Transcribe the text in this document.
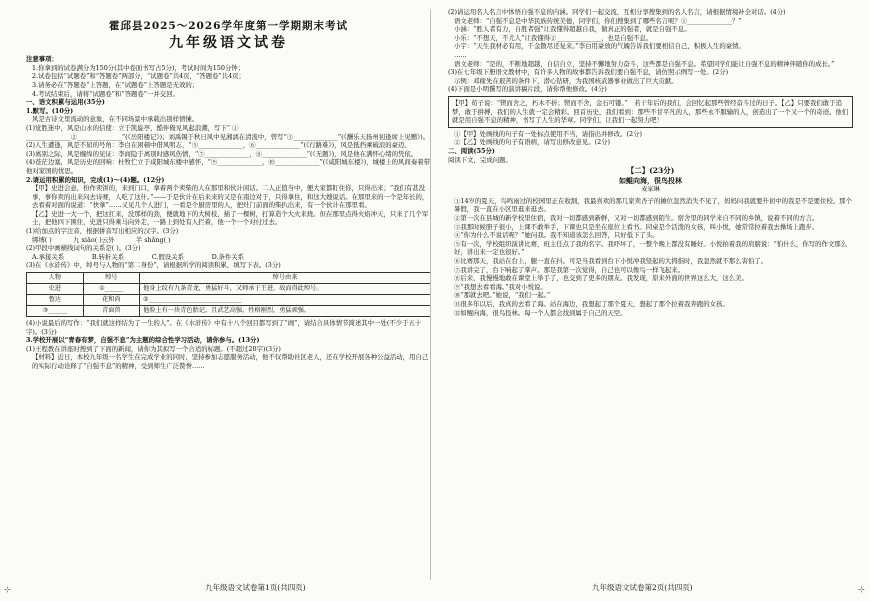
霍邱县2025～2026学年度第一学期期末考试
九年级语文试卷
注意事项：
1.你拿到的试卷满分为150分(其中卷面书写占5分)，考试时间为150分钟；
2.试卷包括“试题卷”和“答题卷”两部分，“试题卷”共4页，“答题卷”共4页；
3.请务必在“答题卷”上答题，在“试题卷”上答题是无效的；
4.考试结束后，请将“试题卷”和“答题卷”一并交回。
一、语文积累与运用(35分)
1.默写。(10分)
风是古诗文里流动的意象，在不同场景中承载出别样情愫。
(1)觉胜迷中，风是山水的信使：立于凯旋亭，酷伴俺见风起浪潮，写下“ ①
______________②______________”(《岳阳楼记》)；刘禹锡于秋日风中见湘漓在清流中，曾写“③______________”(《酬乐天扬州初逢席上见赠》)。
(2)人生遭逢，风是不屈的号角：李白在困顿中借风明志，“⑤______________，⑥______________”(《行路难》)，风是抵挡乘破浪的豪迈。
(3)离别之际，风是缠绵的见证：李商隐于离别时感风伤情，“⑦______________，⑧______________”(《无题》)，风是他在满怀心绪的凭依。
(4)苍茫边塞，风是历史的回响：杜牧伫立于咸阳城东楼中感怀，“⑨______________，⑩______________”(《咸阳城东楼》)，城楼上的风间奏着带他对家国的忧思。
2.请运用积累的知识，完成(1)～(4)题。(12分)
【甲】史进会意，扮作卖饼的，来到门口，拿着两个卖柴的人在那里和伙计闲话。二人正值当中，便大家都盯住你，只得出来；“我们有甚没事，事你卖的出来问去诗赛，人吃了这什。”——于是伙计在后来来的又是在南边对于，只得拿住，和这大嫂说话。在那里来的一个是年长的，去看着对面的说道：“快拿”……又见几个人进门，一看是个厨房里的人，把灶门前面的柴扒出来，有一个伙计在那里看。
【乙】史进一大一个，把这扛来，没那样的劲，便就地下的大树枝，插了一棵树，打算造个大火来烧。但在那里点得火焰冲天，只来了几个军士，把他四下围住，史进只得乘马向外走，一路上到处有人拦着，他一个一个对付过去。
(1)给加点的字注音，根据拼音写出相应的汉字。(3分)
绑缚( )　　　	九 xiāo( )云外　　　	半 shǎng( )
(2)甲段中画横线词句的关系是( )。(3分)
A.承接关系　　　　	B.转折关系　　　　	C.假设关系　　　　	D.条件关系
(3)在《水浒传》中，绰号与人物的“第二身份”，请根据所学的阅读积累，填写下表。(3分)
人物	绰号	绰号由来
史进	①______	他身上纹有九条青龙，勇猛好斗，又师承于王进，故而得此绰号。
鲁达	花和尚	②______________________________
③______	青面兽	他脸上有一块青色胎记，且武艺高强，性格刚烈，勇猛顽强。
(4)小说最后的写作：“我们就这样结为了一生的人”。在《水浒传》中有十八个回目都写到了“闹”，请结合具体情节简述其中一处(不少于五十字)。(3分)
3.学校开展以“青春有梦，自强不息”为主题的综合性学习活动，请你参与。(13分)
(1)王程教在讲座时搜到了下面的新闻，请你为其拟写一个合适的标题。(不超过20字)(3分)
【材料】近日，本校九年级一名学生在完成学业的同时，坚持参加志愿服务活动，他不仅帮助社区老人，还在学校开展各种公益活动，用自己的实际行动诠释了“自强不息”的精神，受到师生广泛赞誉……
(2)请运用名人名言中体悟自强不息的内涵。同学们一起交流，互相分享搜集到的名人名言，请根据情境补全对话。(4分)
语文老师：“自强不息是中华民族传统美德，同学们，你们搜集到了哪些名言呢？①______________？”
小涵：“胜人者有力，自胜者强”让我懂得超越自我，做真正的强者，就是自强不息。
小乐：“不想天，不尤人”让我懂得②______________，也是自强不息。
小宇：“天生我材必有用，千金散尽还复来。”李白用豪放的气魄告诉我们要相信自己，积极人生的豪情。
……
语文老师：“是的，不断地超越，自信自立，坚持不懈地努力奋斗，这些都是自强不息。希望同学们能让自强不息的精神伴随你的成长。”
(3)在七年级下册语文教材中，有许多人物的故事都告诉我们要自强不息，请仿照示例写一处。(2分)
示例：邓稼先在艰苦的条件下，潜心钻研，为我国核武器事业做出了巨大贡献。
(4)下面是小明撰写的演讲稿片段，请你帮他修改。(4分)
【甲】荀子说：“锲而舍之，朽木不折；锲而不舍，金石可镂。”　若干年后的我们，会回忆起那些曾经奋斗过的日子。【乙】只要我们敢于追梦，敢于拼搏，我们的人生就一定会精彩。回首历史，我们看到：那些不甘平凡的人，那些永不服输的人，创造出了一个又一个的奇迹。他们就是用自强不息的精神，书写了人生的华章。同学们，让我们一起努力吧！
①【甲】处画线的句子有一处标点使用不当，请指出并修改。(2分)
②【乙】处画线的句子有语病，请写出修改意见。(2分)
二、阅读(55分)
阅读下文，完成问题。
【二】(23分)
如鲲向海，很鸟投林
麦家琳
①14岁的夏天，鸟鸣雨过的校园里正在收割，我最喜欢的那几家卖杏子的摊位忽然消失不见了，妈妈问我就要升初中的我是不是要住校。那个暑假，我一直在小区里逛来逛去。
②第一次在县城的新学校里住宿，我对一切都感到新鲜，又对一切都感到陌生。宿舍里的同学来自不同的乡镇，说着不同的方言。
③我那时候胆子很小，上课不敢举手，下课也只是坐在座位上看书。同桌是个活泼的女孩，叫小悦，她常常拉着我去操场上跑步。
④“你为什么不说话呢？”她问我。我不知道该怎么回答，只好低下了头。
⑤有一次，学校组织演讲比赛，班主任点了我的名字。我吓坏了，一整个晚上都没有睡好。小悦拍着我的肩膀说：“怕什么，你写的作文那么好，讲出来一定也很好。”
⑥比赛那天，我站在台上，腿一直在抖。可是当我看到台下小悦冲我竖起的大拇指时，我忽然就不那么害怕了。
⑦我讲完了，台下响起了掌声。那是我第一次觉得，自己也可以像鸟一样飞起来。
⑧后来，我慢慢地敢在课堂上举手了，也交到了更多的朋友。我发现，原来外面的世界这么大，这么美。
⑨“我想去看看海。”我对小悦说。
⑩“那就去吧。”她说，“我们一起。”
⑪很多年以后，我真的去看了海。站在海边，我想起了那个夏天，想起了那个拉着我奔跑的女孩。
⑫如鲲向海，很鸟投林。每一个人都会找到属于自己的天空。
九年级语文试卷第1页(共四页)	九年级语文试卷第2页(共四页)
⊹	⊹
